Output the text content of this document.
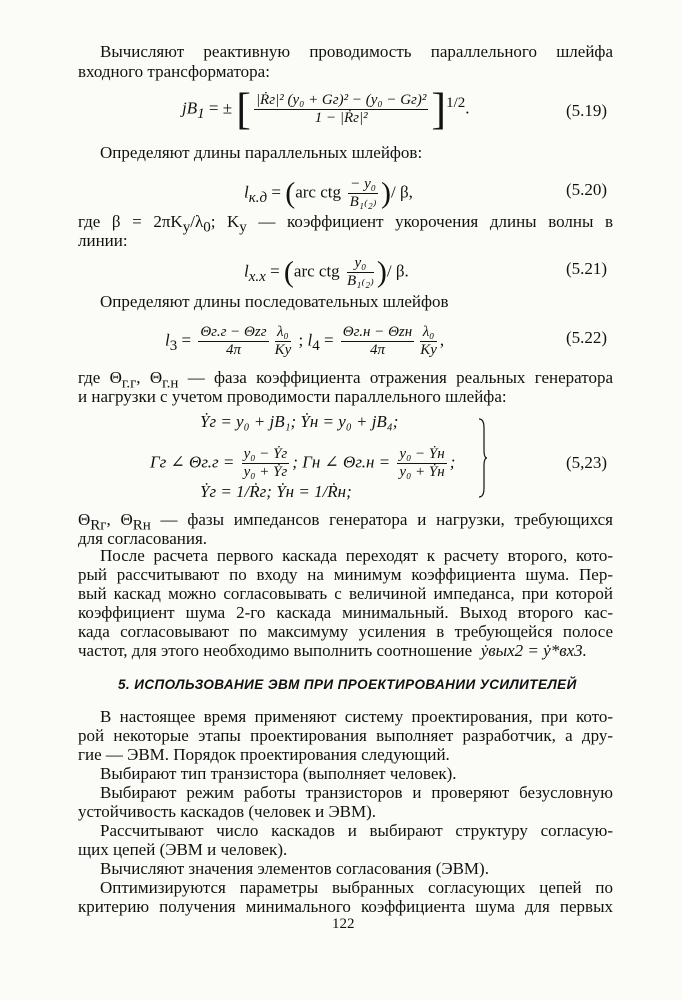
Вычисляют реактивную проводимость параллельного шлейфа
входного трансформатора:
$jB_1$ = ± [ $\frac{\text{|Ṙг|² (y₀ + Gг)² − (y₀ − Gг)²}}{\text{1 − |Ṙг|²}} ]^{1/2}$.	(5.19)
Определяют длины параллельных шлейфов:
$l_{к.д} = (arc$ ctg $\frac{\text{− y₀}}{\text{B₁₍₂₎}}$ )/ β,	(5.20)
где $\beta = 2\pi K_у/\lambda_0$; $K_у$ — коэффициент укорочения длины волны в
линии:
$l_{х.х} = (arc$ ctg $\frac{\text{y₀}}{\text{B₁₍₂₎}}$ )/ β.	(5.21)
Определяют длины последовательных шлейфов
$l_3 = \frac{\text{Θг.г − Θzг}}{4\pi} \frac{\text{λ₀}}{Kу}$ ; $l_4 = \frac{\text{Θг.н − Θzн}}{4\pi} \frac{\text{λ₀}}{Kу}$ ,	(5.22)
где $\Theta_{г.г}$, $\Theta_{г.н}$ — фаза коэффициента отражения реальных генератора
и нагрузки с учетом проводимости параллельного шлейфа:
Ẏг = y₀ + jB₁; Ẏн = y₀ + jB₄;
Γг ∠ $\Theta г.г = \frac{\text{y₀ − Ẏг}}{\text{y₀ + Ẏг}}$ ; Γн ∠ $\Theta г.н = \frac{\text{y₀ − Ẏн}}{\text{y₀ + Ẏн}}$ ;
Ẏг = 1/Ṙг; Ẏн = 1/Ṙн;
(5,23)
$\Theta_{Rг}$, $\Theta_{Rн}$ — фазы импедансов генератора и нагрузки, требующихся
для согласования.
После расчета первого каскада переходят к расчету второго, кото-
рый рассчитывают по входу на минимум коэффициента шума. Пер-
вый каскад можно согласовывать с величиной импеданса, при которой
коэффициент шума 2-го каскада минимальный. Выход второго кас-
када согласовывают по максимуму усиления в требующейся полосе
частот, для этого необходимо выполнить соотношение ẏвых2 = ẏ*вх3.
5. ИСПОЛЬЗОВАНИЕ ЭВМ ПРИ ПРОЕКТИРОВАНИИ УСИЛИТЕЛЕЙ
В настоящее время применяют систему проектирования, при кото-
рой некоторые этапы проектирования выполняет разработчик, а дру-
гие — ЭВМ. Порядок проектирования следующий.
Выбирают тип транзистора (выполняет человек).
Выбирают режим работы транзисторов и проверяют безусловную
устойчивость каскадов (человек и ЭВМ).
Рассчитывают число каскадов и выбирают структуру согласую-
щих цепей (ЭВМ и человек).
Вычисляют значения элементов согласования (ЭВМ).
Оптимизируются параметры выбранных согласующих цепей по
критерию получения минимального коэффициента шума для первых
122
